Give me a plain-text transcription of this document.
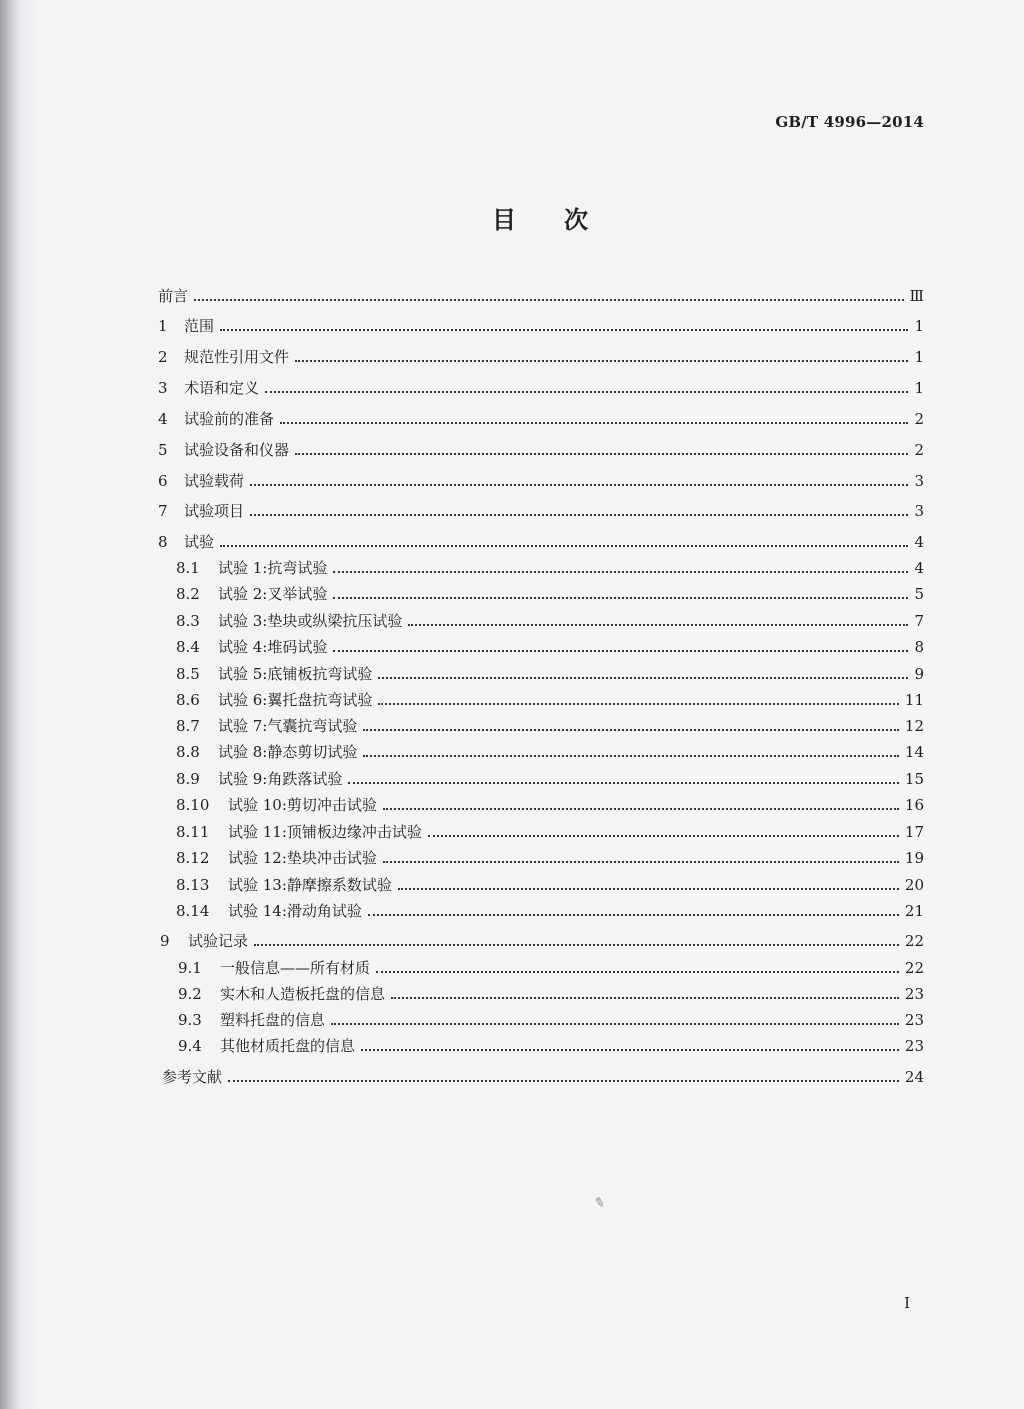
GB/T 4996—2014
目 次
前言	Ⅲ
1	范围	1
2	规范性引用文件	1
3	术语和定义	1
4	试验前的准备	2
5	试验设备和仪器	2
6	试验载荷	3
7	试验项目	3
8	试验	4
8.1	试验 1:抗弯试验	4
8.2	试验 2:叉举试验	5
8.3	试验 3:垫块或纵梁抗压试验	7
8.4	试验 4:堆码试验	8
8.5	试验 5:底铺板抗弯试验	9
8.6	试验 6:翼托盘抗弯试验	11
8.7	试验 7:气囊抗弯试验	12
8.8	试验 8:静态剪切试验	14
8.9	试验 9:角跌落试验	15
8.10	试验 10:剪切冲击试验	16
8.11	试验 11:顶铺板边缘冲击试验	17
8.12	试验 12:垫块冲击试验	19
8.13	试验 13:静摩擦系数试验	20
8.14	试验 14:滑动角试验	21
9	试验记录	22
9.1	一般信息——所有材质	22
9.2	实木和人造板托盘的信息	23
9.3	塑料托盘的信息	23
9.4	其他材质托盘的信息	23
参考文献	24
✎
I
